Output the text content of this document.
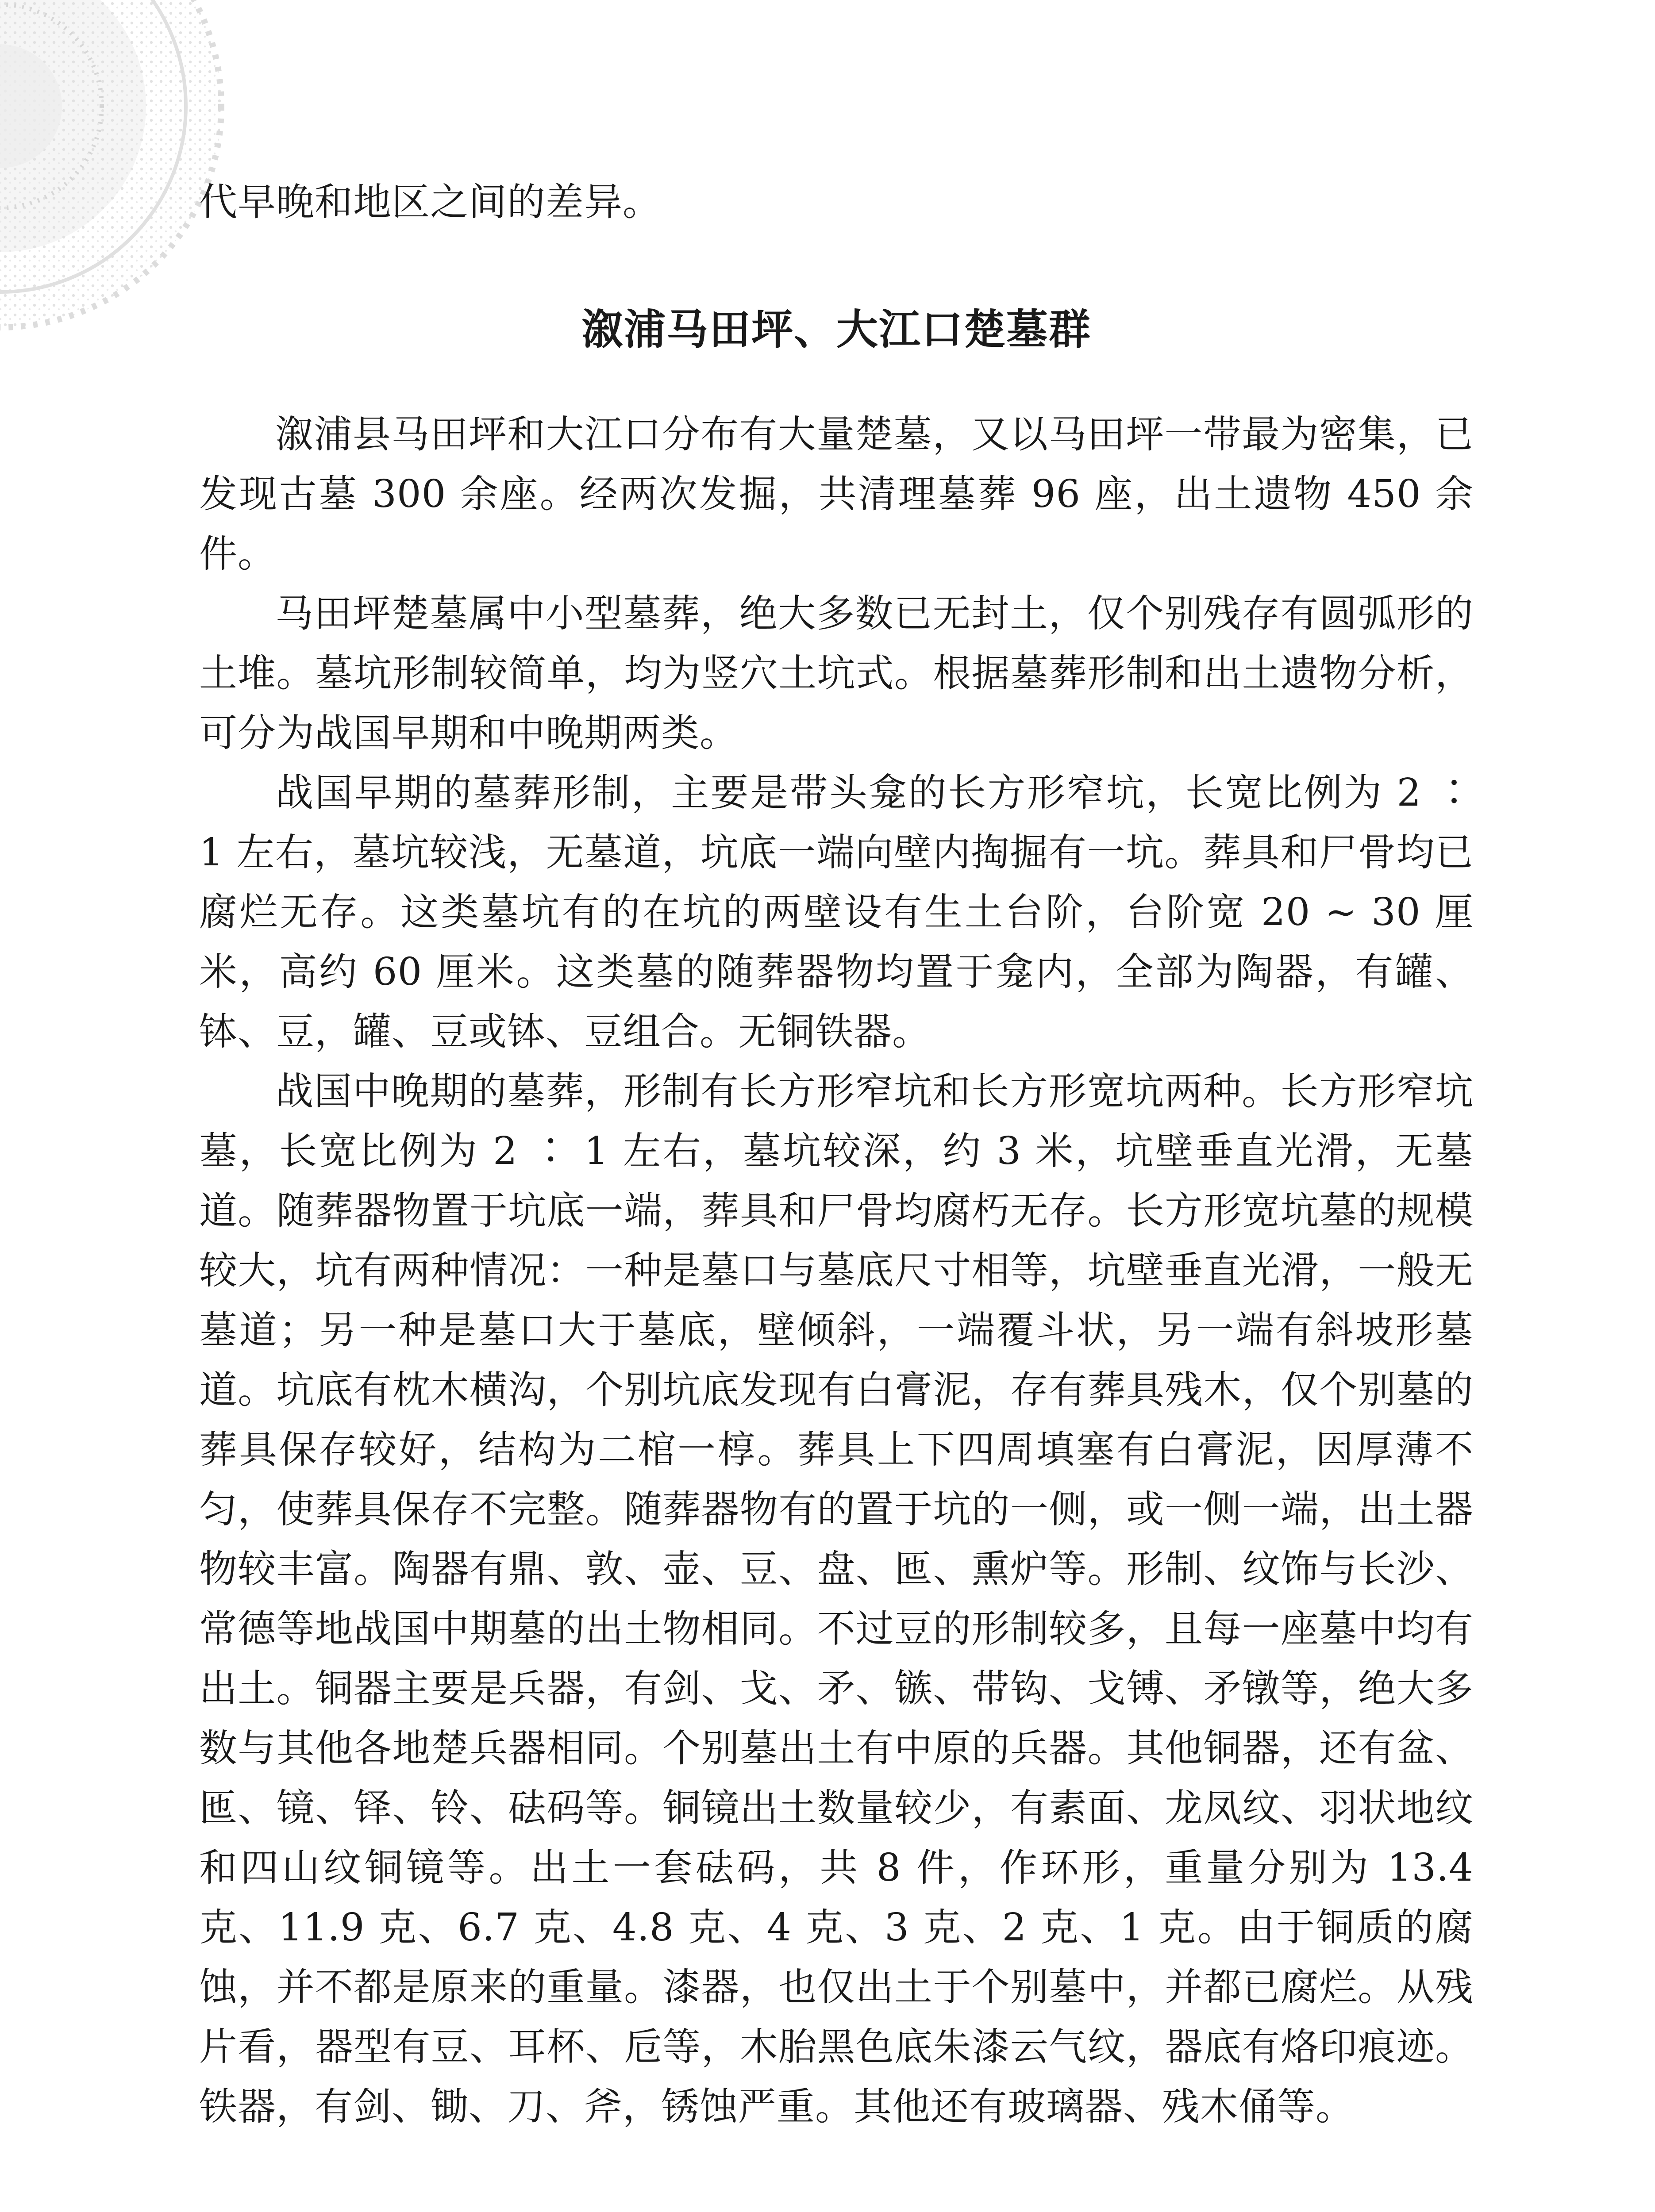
代早晚和地区之间的差异。

溆浦马田坪、大江口楚墓群

溆浦县马田坪和大江口分布有大量楚墓，又以马田坪一带最为密集，已发现古墓 300 余座。经两次发掘，共清理墓葬 96 座，出土遗物 450 余件。

马田坪楚墓属中小型墓葬，绝大多数已无封土，仅个别残存有圆弧形的土堆。墓坑形制较简单，均为竖穴土坑式。根据墓葬形制和出土遗物分析，可分为战国早期和中晚期两类。

战国早期的墓葬形制，主要是带头龛的长方形窄坑，长宽比例为 2 ∶ 1 左右，墓坑较浅，无墓道，坑底一端向壁内掏掘有一坑。葬具和尸骨均已腐烂无存。这类墓坑有的在坑的两壁设有生土台阶，台阶宽 20 ~ 30 厘米，高约 60 厘米。这类墓的随葬器物均置于龛内，全部为陶器，有罐、钵、豆，罐、豆或钵、豆组合。无铜铁器。

战国中晚期的墓葬，形制有长方形窄坑和长方形宽坑两种。长方形窄坑墓，长宽比例为 2 ∶ 1 左右，墓坑较深，约 3 米，坑壁垂直光滑，无墓道。随葬器物置于坑底一端，葬具和尸骨均腐朽无存。长方形宽坑墓的规模较大，坑有两种情况：一种是墓口与墓底尺寸相等，坑壁垂直光滑，一般无墓道；另一种是墓口大于墓底，壁倾斜，一端覆斗状，另一端有斜坡形墓道。坑底有枕木横沟，个别坑底发现有白膏泥，存有葬具残木，仅个别墓的葬具保存较好，结构为二棺一椁。葬具上下四周填塞有白膏泥，因厚薄不匀，使葬具保存不完整。随葬器物有的置于坑的一侧，或一侧一端，出土器物较丰富。陶器有鼎、敦、壶、豆、盘、匜、熏炉等。形制、纹饰与长沙、常德等地战国中期墓的出土物相同。不过豆的形制较多，且每一座墓中均有出土。铜器主要是兵器，有剑、戈、矛、镞、带钩、戈镈、矛镦等，绝大多数与其他各地楚兵器相同。个别墓出土有中原的兵器。其他铜器，还有盆、匜、镜、铎、铃、砝码等。铜镜出土数量较少，有素面、龙凤纹、羽状地纹和四山纹铜镜等。出土一套砝码，共 8 件，作环形，重量分别为 13.4 克、11.9 克、6.7 克、4.8 克、4 克、3 克、2 克、1 克。由于铜质的腐蚀，并不都是原来的重量。漆器，也仅出土于个别墓中，并都已腐烂。从残片看，器型有豆、耳杯、卮等，木胎黑色底朱漆云气纹，器底有烙印痕迹。铁器，有剑、锄、刀、斧，锈蚀严重。其他还有玻璃器、残木俑等。
